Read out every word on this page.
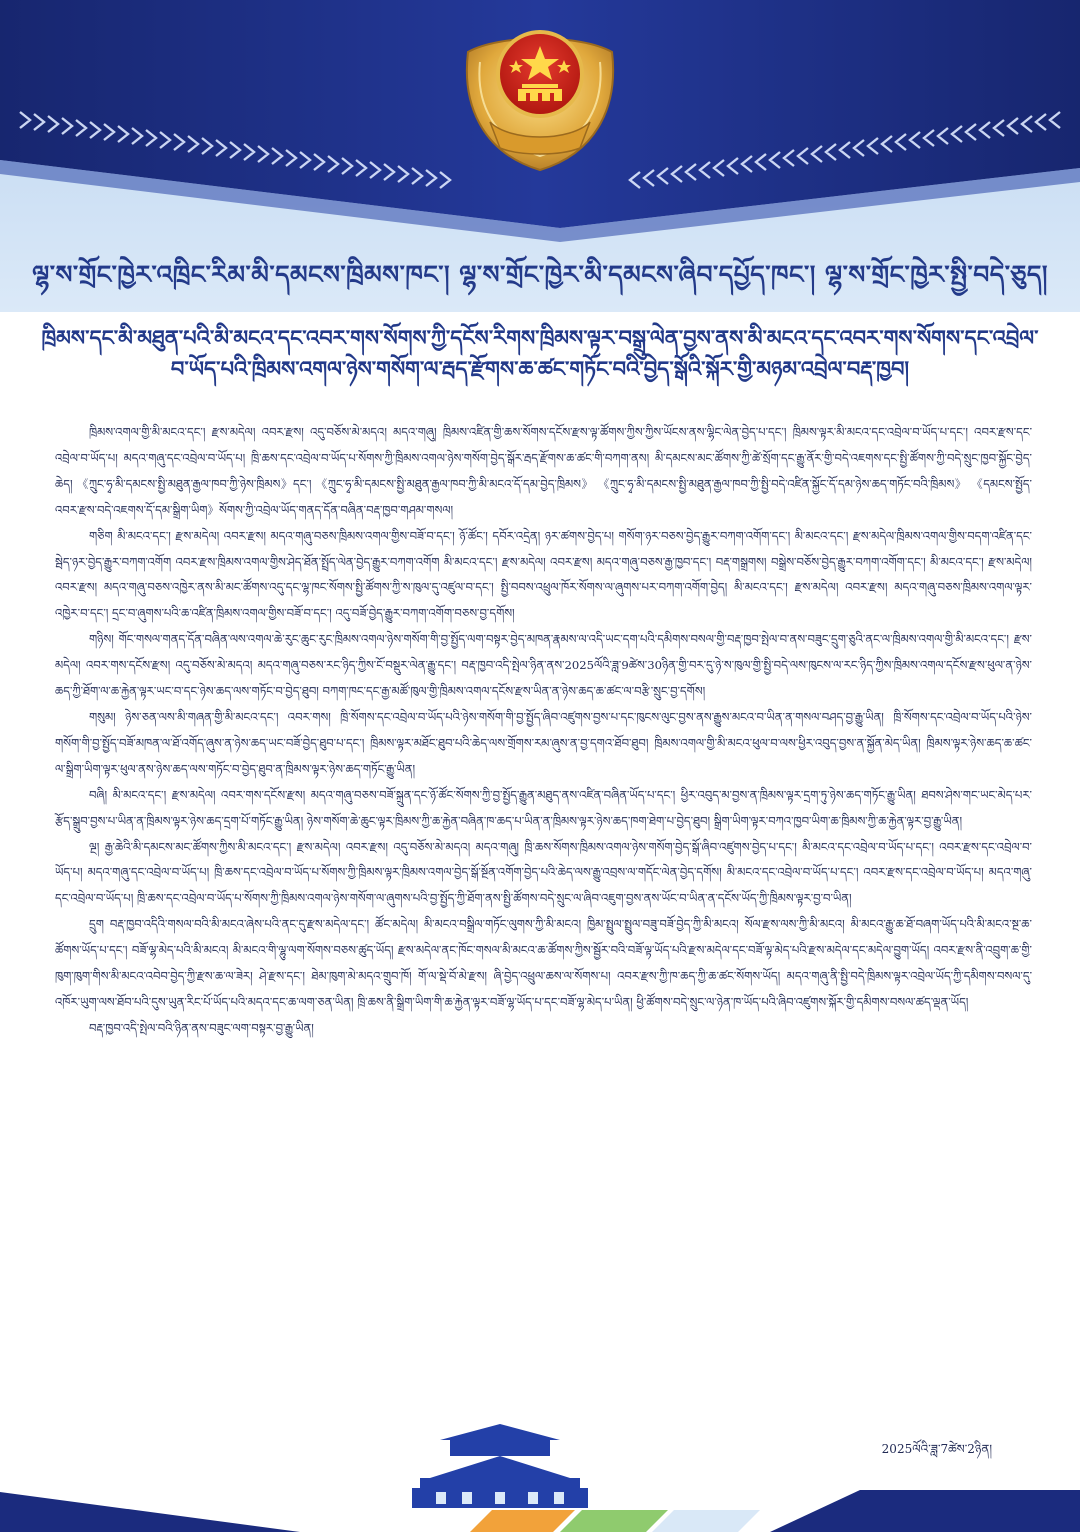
ལྷ་ས་གྲོང་ཁྱེར་འཁྲིང་རིམ་མི་དམངས་ཁྲིམས་ཁང་། ལྷ་ས་གྲོང་ཁྱེར་མི་དམངས་ཞིབ་དཔྱོད་ཁང་། ལྷ་ས་གྲོང་ཁྱེར་སྤྱི་བདེ་ཅུད།
ཁྲིམས་དང་མི་མཐུན་པའི་མི་མངའ་དང་འབར་གས་སོགས་ཀྱི་དངོས་རིགས་ཁྲིམས་ལྟར་བསྒྲུ་ལེན་བྱས་ནས་མི་མངའ་དང་འབར་གས་སོགས་དང་འབྲེལ་བ་ཡོད་པའི་ཁྲིམས་འགལ་ཉེས་གསོག་ལ་རྦད་རྫོགས་ཆ་ཚང་གཏོང་བའི་བྱེད་སྒོའི་སྐོར་གྱི་མཉམ་འབྲེལ་བརྡ་ཁྱབ།

ཁྲིམས་འགལ་གྱི་མི་མངའ་དང་། རྫས་མདེལ། འབར་རྫས། འདུ་བཅོས་མེ་མདའ། མདའ་གཞུ། ཁྲིམས་འཛིན་གྱི་ཆས་སོགས་དངོས་རྫས་ལྟ་ཚོགས་ཀྱིས་ཀྱིས་ཡོངས་ནས་ལྷིང་ལེན་བྱེད་པ་དང་། ཁྲིམས་ལྟར་མི་མངའ་དང་འབྲེལ་བ་ཡོད་པ་དང་། འབར་རྫས་དང་འབྲེལ་བ་ཡོད་པ། མདའ་གཞུ་དང་འབྲེལ་བ་ཡོད་པ། ཁྲི་ཆས་དང་འབྲེལ་བ་ཡོད་པ་སོགས་ཀྱི་ཁྲིམས་འགལ་ཉེས་གསོག་བྱེད་སྒོར་རྦད་རྫོགས་ཆ་ཚང་གི་བཀག་ནས། མི་དམངས་མང་ཚོགས་ཀྱི་ཚེ་སྲོག་དང་རྒྱུ་ནོར་གྱི་བདེ་འཇགས་དང་སྤྱི་ཚོགས་ཀྱི་བདེ་སྲུང་ཁྱབ་སྐྱོང་བྱེད་ཆེད། 《ཀྲུང་ཧྭ་མི་དམངས་སྤྱི་མཐུན་རྒྱལ་ཁབ་ཀྱི་ཉེས་ཁྲིམས》དང་། 《ཀྲུང་ཧྭ་མི་དམངས་སྤྱི་མཐུན་རྒྱལ་ཁབ་ཀྱི་མི་མངའ་དོ་དམ་བྱེད་ཁྲིམས》 《ཀྲུང་ཧྭ་མི་དམངས་སྤྱི་མཐུན་རྒྱལ་ཁབ་ཀྱི་སྤྱི་བདེ་འཛིན་སྐྱོང་དོ་དམ་ཉེས་ཆད་གཏོང་བའི་ཁྲིམས》 《དམངས་སྤྱོད་འབར་རྫས་བདེ་འཇགས་དོ་དམ་སྒྲིག་ཡིག》སོགས་ཀྱི་འབྲེལ་ཡོད་གནད་དོན་བཞིན་བརྡ་ཁྱབ་གཤམ་གསལ།

གཅིག མི་མངའ་དང་། རྫས་མདེལ། འབར་རྫས། མདའ་གཞུ་བཅས་ཁྲིམས་འགལ་གྱིས་བཟོ་བ་དང་། ཉོ་ཚོང་། དབོར་འདྲེན། ཉར་ཚགས་བྱེད་པ། གསོག་ཉར་བཅས་བྱེད་རྒྱུར་བཀག་འགོག་དང་། མི་མངའ་དང་། རྫས་མདེལ་ཁྲིམས་འགལ་གྱིས་བདག་འཛིན་དང་སྦེད་ཉར་བྱེད་རྒྱུར་བཀག་འགོག འབར་རྫས་ཁྲིམས་འགལ་གྱིས་ཤེད་ཐོན་སྤྲོད་ལེན་བྱེད་རྒྱུར་བཀག་འགོག མི་མངའ་དང་། རྫས་མདེལ། འབར་རྫས། མདའ་གཞུ་བཅས་རྒྱ་ཁྱབ་དང་། བརྡ་གསྒྲགས། བསྒྲེས་བཅོས་བྱེད་རྒྱུར་བཀག་འགོག་དང་། མི་མངའ་དང་། རྫས་མདེལ། འབར་རྫས། མདའ་གཞུ་བཅས་འཁྱེར་ནས་མི་མང་ཚོགས་འདུ་དང་ལྷ་ཁང་སོགས་སྤྱི་ཚོགས་ཀྱི་ས་ཁུལ་དུ་འཛུལ་བ་དང་། སྤྱི་བབས་འཕྲུལ་ཁོར་སོགས་ལ་ཞུགས་པར་བཀག་འགོག་བྱེད། མི་མངའ་དང་། རྫས་མདེལ། འབར་རྫས། མདའ་གཞུ་བཅས་ཁྲིམས་འགལ་ལྟར་འཁྱེར་བ་དང་། དྲང་བ་ཞུགས་པའི་ཆ་འཛིན་ཁྲིམས་འགལ་གྱིས་བཟོ་བ་དང་། འདུ་བཟོ་བྱེད་རྒྱུར་བཀག་འགོག་བཅས་བྱ་དགོས།

གཉིས། གོང་གསལ་གནད་དོན་བཞིན་ལས་འགལ་ཆེ་རུང་ཆུང་རུང་ཁྲིམས་འགལ་ཉེས་གསོག་གི་བྱ་སྤྱོད་ལག་བསྟར་བྱེད་མཁན་རྣམས་ལ་འདི་ཡང་དག་པའི་དམིགས་བསལ་གྱི་བརྡ་ཁྱབ་སྤེལ་བ་ནས་བཟུང་དྲུག་ཅུའི་ནང་ལ་ཁྲིམས་འགལ་གྱི་མི་མངའ་དང་། རྫས་མདེལ། འབར་གས་དངོས་རྫས། འདུ་བཅོས་མེ་མདའ། མདའ་གཞུ་བཅས་རང་ཉིད་ཀྱིས་ངོ་བསྡུར་ལེན་རྒྱུ་དང་། བརྡ་ཁྱབ་འདི་སྤེལ་ཉིན་ནས་2025ལོའི་ཟླ་9ཚེས་30ཉིན་གྱི་བར་དུ་ཉེ་ས་ཁུལ་གྱི་སྤྱི་བདེ་ལས་ཁུངས་ལ་རང་ཉིད་ཀྱིས་ཁྲིམས་འགལ་དངོས་རྫས་ཕུལ་ན་ཉེས་ཆད་ཀྱི་ཐོག་ལ་ཆ་རྐྱེན་ལྟར་ཡང་བ་དང་ཉེས་ཆད་ལས་གཏོང་བ་བྱེད་ཐུབ། བཀག་ཁང་དང་རྒྱ་མཚོ་ཁུལ་གྱི་ཁྲིམས་འགལ་དངོས་རྫས་ཡིན་ན་ཉེས་ཆད་ཆ་ཚང་ལ་བརྩི་སྲུང་བྱ་དགོས།

གསུམ། ཉེས་ཅན་ལས་མི་གཞན་གྱི་མི་མངའ་དང་། འབར་གས། ཁྲི་སོགས་དང་འབྲེལ་བ་ཡོད་པའི་ཉེས་གསོག་གི་བྱ་སྤྱོད་ཞིབ་འཛུགས་བྱས་པ་དང་ཁུངས་ལུང་བྱས་ནས་རྒྱུས་མངའ་བ་ཡིན་ན་གསལ་བཤད་བྱ་རྒྱུ་ཡིན། ཁྲི་སོགས་དང་འབྲེལ་བ་ཡོད་པའི་ཉེས་གསོག་གི་བྱ་སྤྱོད་བཟོ་མཁན་ལ་ཐོ་འགོད་ཞུས་ན་ཉེས་ཆད་ཡང་བཟོ་བྱེད་ཐུབ་པ་དང་། ཁྲིམས་ལྟར་མཐོང་ཐུབ་པའི་ཆེད་ལས་གྲོགས་རམ་ཞུས་ན་བྱ་དགའ་ཐོབ་ཐུབ། ཁྲིམས་འགལ་གྱི་མི་མངའ་ཕུལ་བ་ལས་ཕྱིར་འབུད་བྱས་ན་སྐྱོན་མེད་ཡིན། ཁྲིམས་ལྟར་ཉེས་ཆད་ཆ་ཚང་ལ་སྒྲིག་ཡིག་ལྟར་ཕུལ་ནས་ཉེས་ཆད་ལས་གཏོང་བ་བྱེད་ཐུབ་ན་ཁྲིམས་ལྟར་ཉེས་ཆད་གཏོང་རྒྱུ་ཡིན།

བཞི། མི་མངའ་དང་། རྫས་མདེལ། འབར་གས་དངོས་རྫས། མདའ་གཞུ་བཅས་བཟོ་སྐྲུན་དང་ཉོ་ཚོང་སོགས་ཀྱི་བྱ་སྤྱོད་རྒྱུན་མཐུད་ནས་འཛིན་བཞིན་ཡོད་པ་དང་། ཕྱིར་འབུད་མ་བྱས་ན་ཁྲིམས་ལྟར་དྲག་ཏུ་ཉེས་ཆད་གཏོང་རྒྱུ་ཡིན། ཐབས་ཤེས་གང་ཡང་མེད་པར་རྩོད་སྒྲུབ་བྱས་པ་ཡིན་ན་ཁྲིམས་ལྟར་ཉེས་ཆད་དྲག་པོ་གཏོང་རྒྱུ་ཡིན། ཉེས་གསོག་ཆེ་ཆུང་ལྟར་ཁྲིམས་ཀྱི་ཆ་རྐྱེན་བཞིན་ཁ་ཆད་པ་ཡིན་ན་ཁྲིམས་ལྟར་ཉེས་ཆད་ཁག་ཐེག་པ་བྱེད་ཐུབ། སྒྲིག་ཡིག་ལྟར་བཀའ་ཁྱབ་ཡིག་ཆ་ཁྲིམས་ཀྱི་ཆ་རྐྱེན་ལྟར་བྱ་རྒྱུ་ཡིན།

ལྔ། རྒྱ་ཆེའི་མི་དམངས་མང་ཚོགས་ཀྱིས་མི་མངའ་དང་། རྫས་མདེལ། འབར་རྫས། འདུ་བཅོས་མེ་མདའ། མདའ་གཞུ། ཁྲི་ཆས་སོགས་ཁྲིམས་འགལ་ཉེས་གསོག་བྱེད་སྒོ་ཞིབ་འཛུགས་བྱེད་པ་དང་། མི་མངའ་དང་འབྲེལ་བ་ཡོད་པ་དང་། འབར་རྫས་དང་འབྲེལ་བ་ཡོད་པ། མདའ་གཞུ་དང་འབྲེལ་བ་ཡོད་པ། ཁྲི་ཆས་དང་འབྲེལ་བ་ཡོད་པ་སོགས་ཀྱི་ཁྲིམས་ལྟར་ཁྲིམས་འགལ་བྱེད་སྒོ་སྔོན་འགོག་བྱེད་པའི་ཆེད་ལས་རྒྱུ་འབྲས་ལ་གདོང་ལེན་བྱེད་དགོས། མི་མངའ་དང་འབྲེལ་བ་ཡོད་པ་དང་། འབར་རྫས་དང་འབྲེལ་བ་ཡོད་པ། མདའ་གཞུ་དང་འབྲེལ་བ་ཡོད་པ། ཁྲི་ཆས་དང་འབྲེལ་བ་ཡོད་པ་སོགས་ཀྱི་ཁྲིམས་འགལ་ཉེས་གསོག་ལ་ཞུགས་པའི་བྱ་སྤྱོད་ཀྱི་ཐོག་ནས་སྤྱི་ཚོགས་བདེ་སྲུང་ལ་ཞིབ་འཇུག་བྱས་ནས་ཡོང་བ་ཡིན་ན་དངོས་ཡོད་ཀྱི་ཁྲིམས་ལྟར་བྱ་བ་ཡིན།

དྲུག བརྡ་ཁྱབ་འདིའི་གསལ་བའི་མི་མངའ་ཞེས་པའི་ནང་དུ་རྫས་མདེལ་དང་། ཚོང་མདེལ། མི་མངའ་བསྒྲིལ་གཏོང་ལུགས་ཀྱི་མི་མངའ། ཁྱིམ་སྤྲུལ་སྤྲུལ་བཟུ་བཟོ་བྱེད་ཀྱི་མི་མངའ། སོལ་རྫས་ལས་ཀྱི་མི་མངའ། མི་མངའ་རྒྱུ་ཆ་ཐོ་བཞག་ཡོད་པའི་མི་མངའ་སྔ་ཆ་ཚོགས་ཡོད་པ་དང་། བཟོ་ལྷ་མེད་པའི་མི་མངའ། མི་མངའ་གི་ལྷུ་ལག་སོགས་བཅས་ཚུད་ཡོད། རྫས་མདེལ་ནང་ཁོང་གསལ་མི་མངའ་ཆ་ཚོགས་ཀྱིས་སྦྱོར་བའི་བཟོ་ལྟ་ཡོད་པའི་རྫས་མདེལ་དང་བཟོ་ལྟ་མེད་པའི་རྫས་མདེལ་དང་མདེལ་བྱུག་ཡོད། འབར་རྫས་ནི་འབྲུག་ཆ་གྱི་ཁུག་ཁུག་གིས་མི་མངའ་འབེབ་བྱེད་ཀྱི་རྫས་ཆ་ལ་ཟེར། ཤེ་རྫས་དང་། ཐེམ་ཁུག་མེ་མདའ་གྲུབ་ཁོ། གོ་ལ་སྡེ་བོ་མེ་རྫས། ཞི་བྱེད་འཕྲུལ་ཆས་ལ་སོགས་པ། འབར་རྫས་ཀྱི་ཁ་ཆད་ཀྱི་ཆ་ཚང་སོགས་ཡོད། མདའ་གཞུ་ནི་སྤྱི་བདེ་ཁྲིམས་ལྟར་འབྲེལ་ཡོད་ཀྱི་དམིགས་བསལ་དུ་འཁོར་ཡུག་ལས་ཐོབ་པའི་དུས་ཡུན་རིང་པོ་ཡོད་པའི་མདའ་དང་ཆ་ལག་ཅན་ཡིན། ཁྲི་ཆས་ནི་སྒྲིག་ཡིག་གི་ཆ་རྐྱེན་ལྟར་བཟོ་ལྷ་ཡོད་པ་དང་བཟོ་ལྷ་མེད་པ་ཡིན། ཕྱི་ཚོགས་བདེ་སྲུང་ལ་ཉེན་ཁ་ཡོད་པའི་ཞིབ་འཛུགས་སྐོར་གྱི་དམིགས་བསལ་ཚད་ལྡན་ཡོད།

བརྡ་ཁྱབ་འདི་སྤེལ་བའི་ཉིན་ནས་བཟུང་ལག་བསྟར་བྱ་རྒྱུ་ཡིན།

2025ལོའི་ཟླ་7ཚེས་2ཉིན།
